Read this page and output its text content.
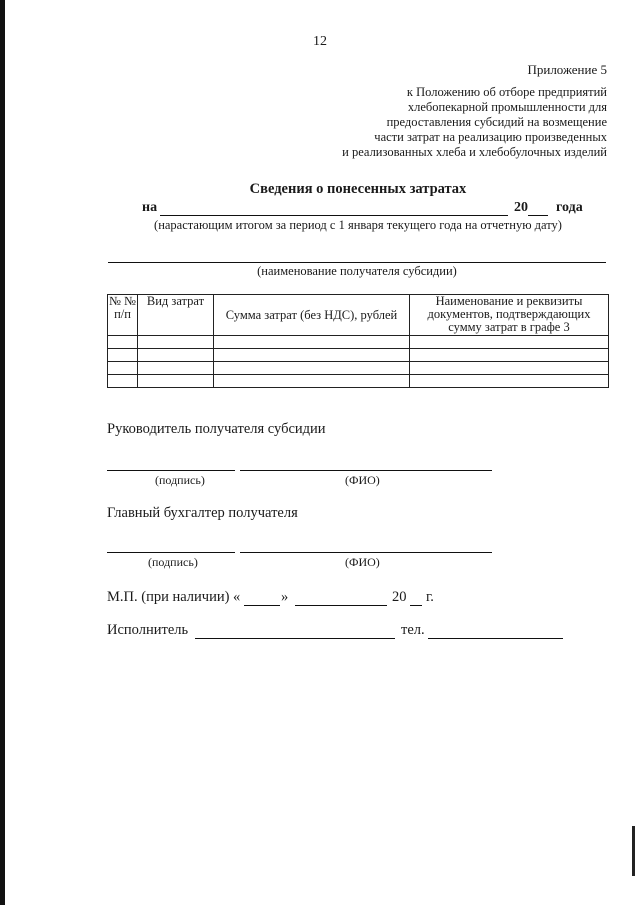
12
Приложение 5
к Положению об отборе предприятий
хлебопекарной промышленности для
предоставления субсидий на возмещение
части затрат на реализацию произведенных
и реализованных хлеба и хлебобулочных изделий
Сведения о понесенных затратах
на	20 года
(нарастающим итогом за период с 1 января текущего года на отчетную дату)
(наименование получателя субсидии)
№ № п/п	Вид затрат	Сумма затрат (без НДС), рублей	Наименование и реквизиты документов, подтверждающих сумму затрат в графе 3

Руководитель получателя субсидии
(подпись)	(ФИО)
Главный бухгалтер получателя
(подпись)	(ФИО)
М.П. (при наличии) «	»	20 г.
Исполнитель	тел.
